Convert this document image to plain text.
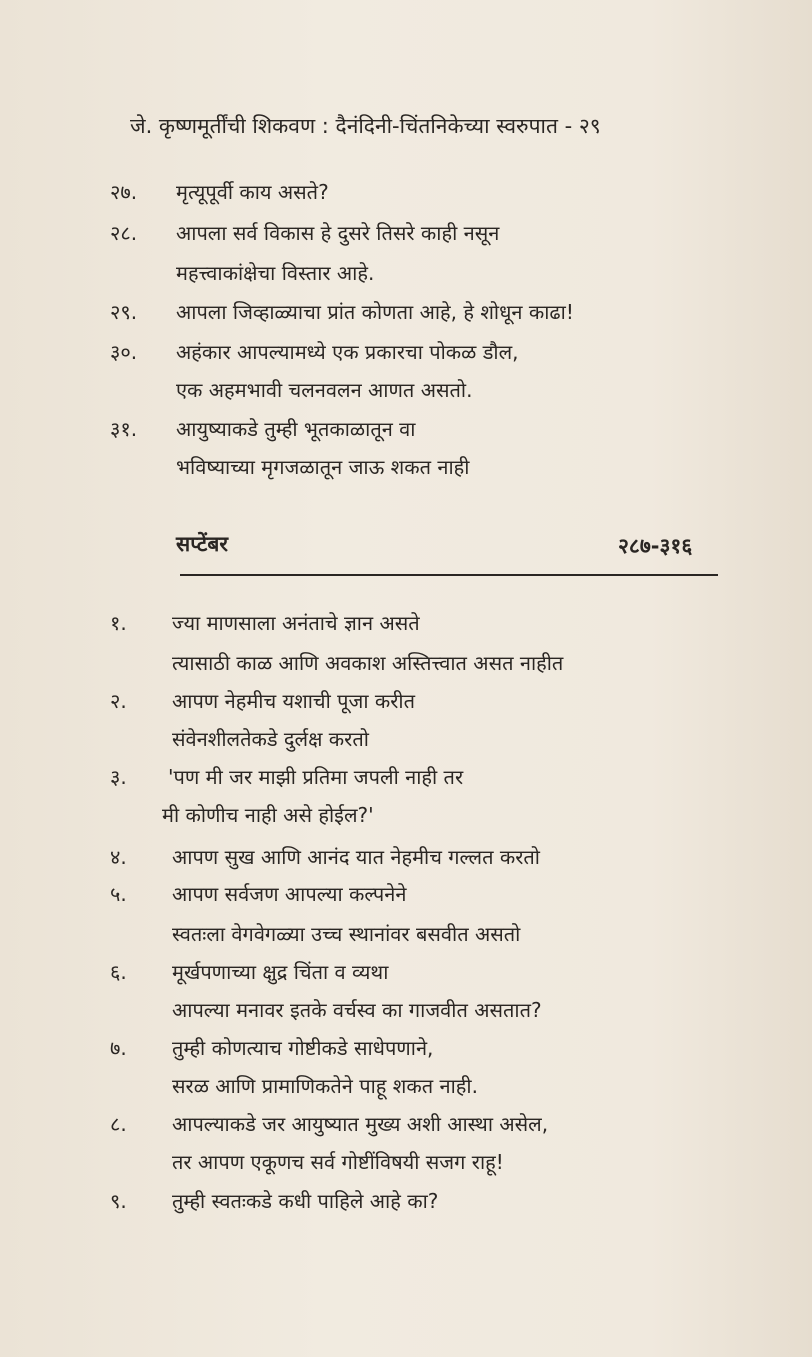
जे. कृष्णमूर्तींची शिकवण : दैनंदिनी-चिंतनिकेच्या स्वरुपात - २९
२७.	मृत्यूपूर्वी काय असते?
२८.	आपला सर्व विकास हे दुसरे तिसरे काही नसून
महत्त्वाकांक्षेचा विस्तार आहे.
२९.	आपला जिव्हाळ्याचा प्रांत कोणता आहे, हे शोधून काढा!
३०.	अहंकार आपल्यामध्ये एक प्रकारचा पोकळ डौल,
एक अहमभावी चलनवलन आणत असतो.
३१.	आयुष्याकडे तुम्ही भूतकाळातून वा
भविष्याच्या मृगजळातून जाऊ शकत नाही
सप्टेंबर	२८७-३१६
१.	ज्या माणसाला अनंताचे ज्ञान असते
त्यासाठी काळ आणि अवकाश अस्तित्त्वात असत नाहीत
२.	आपण नेहमीच यशाची पूजा करीत
संवेनशीलतेकडे दुर्लक्ष करतो
३.	'पण मी जर माझी प्रतिमा जपली नाही तर
मी कोणीच नाही असे होईल?'
४.	आपण सुख आणि आनंद यात नेहमीच गल्लत करतो
५.	आपण सर्वजण आपल्या कल्पनेने
स्वतःला वेगवेगळ्या उच्च स्थानांवर बसवीत असतो
६.	मूर्खपणाच्या क्षुद्र चिंता व व्यथा
आपल्या मनावर इतके वर्चस्व का गाजवीत असतात?
७.	तुम्ही कोणत्याच गोष्टीकडे साधेपणाने,
सरळ आणि प्रामाणिकतेने पाहू शकत नाही.
८.	आपल्याकडे जर आयुष्यात मुख्य अशी आस्था असेल,
तर आपण एकूणच सर्व गोष्टींविषयी सजग राहू!
९.	तुम्ही स्वतःकडे कधी पाहिले आहे का?
